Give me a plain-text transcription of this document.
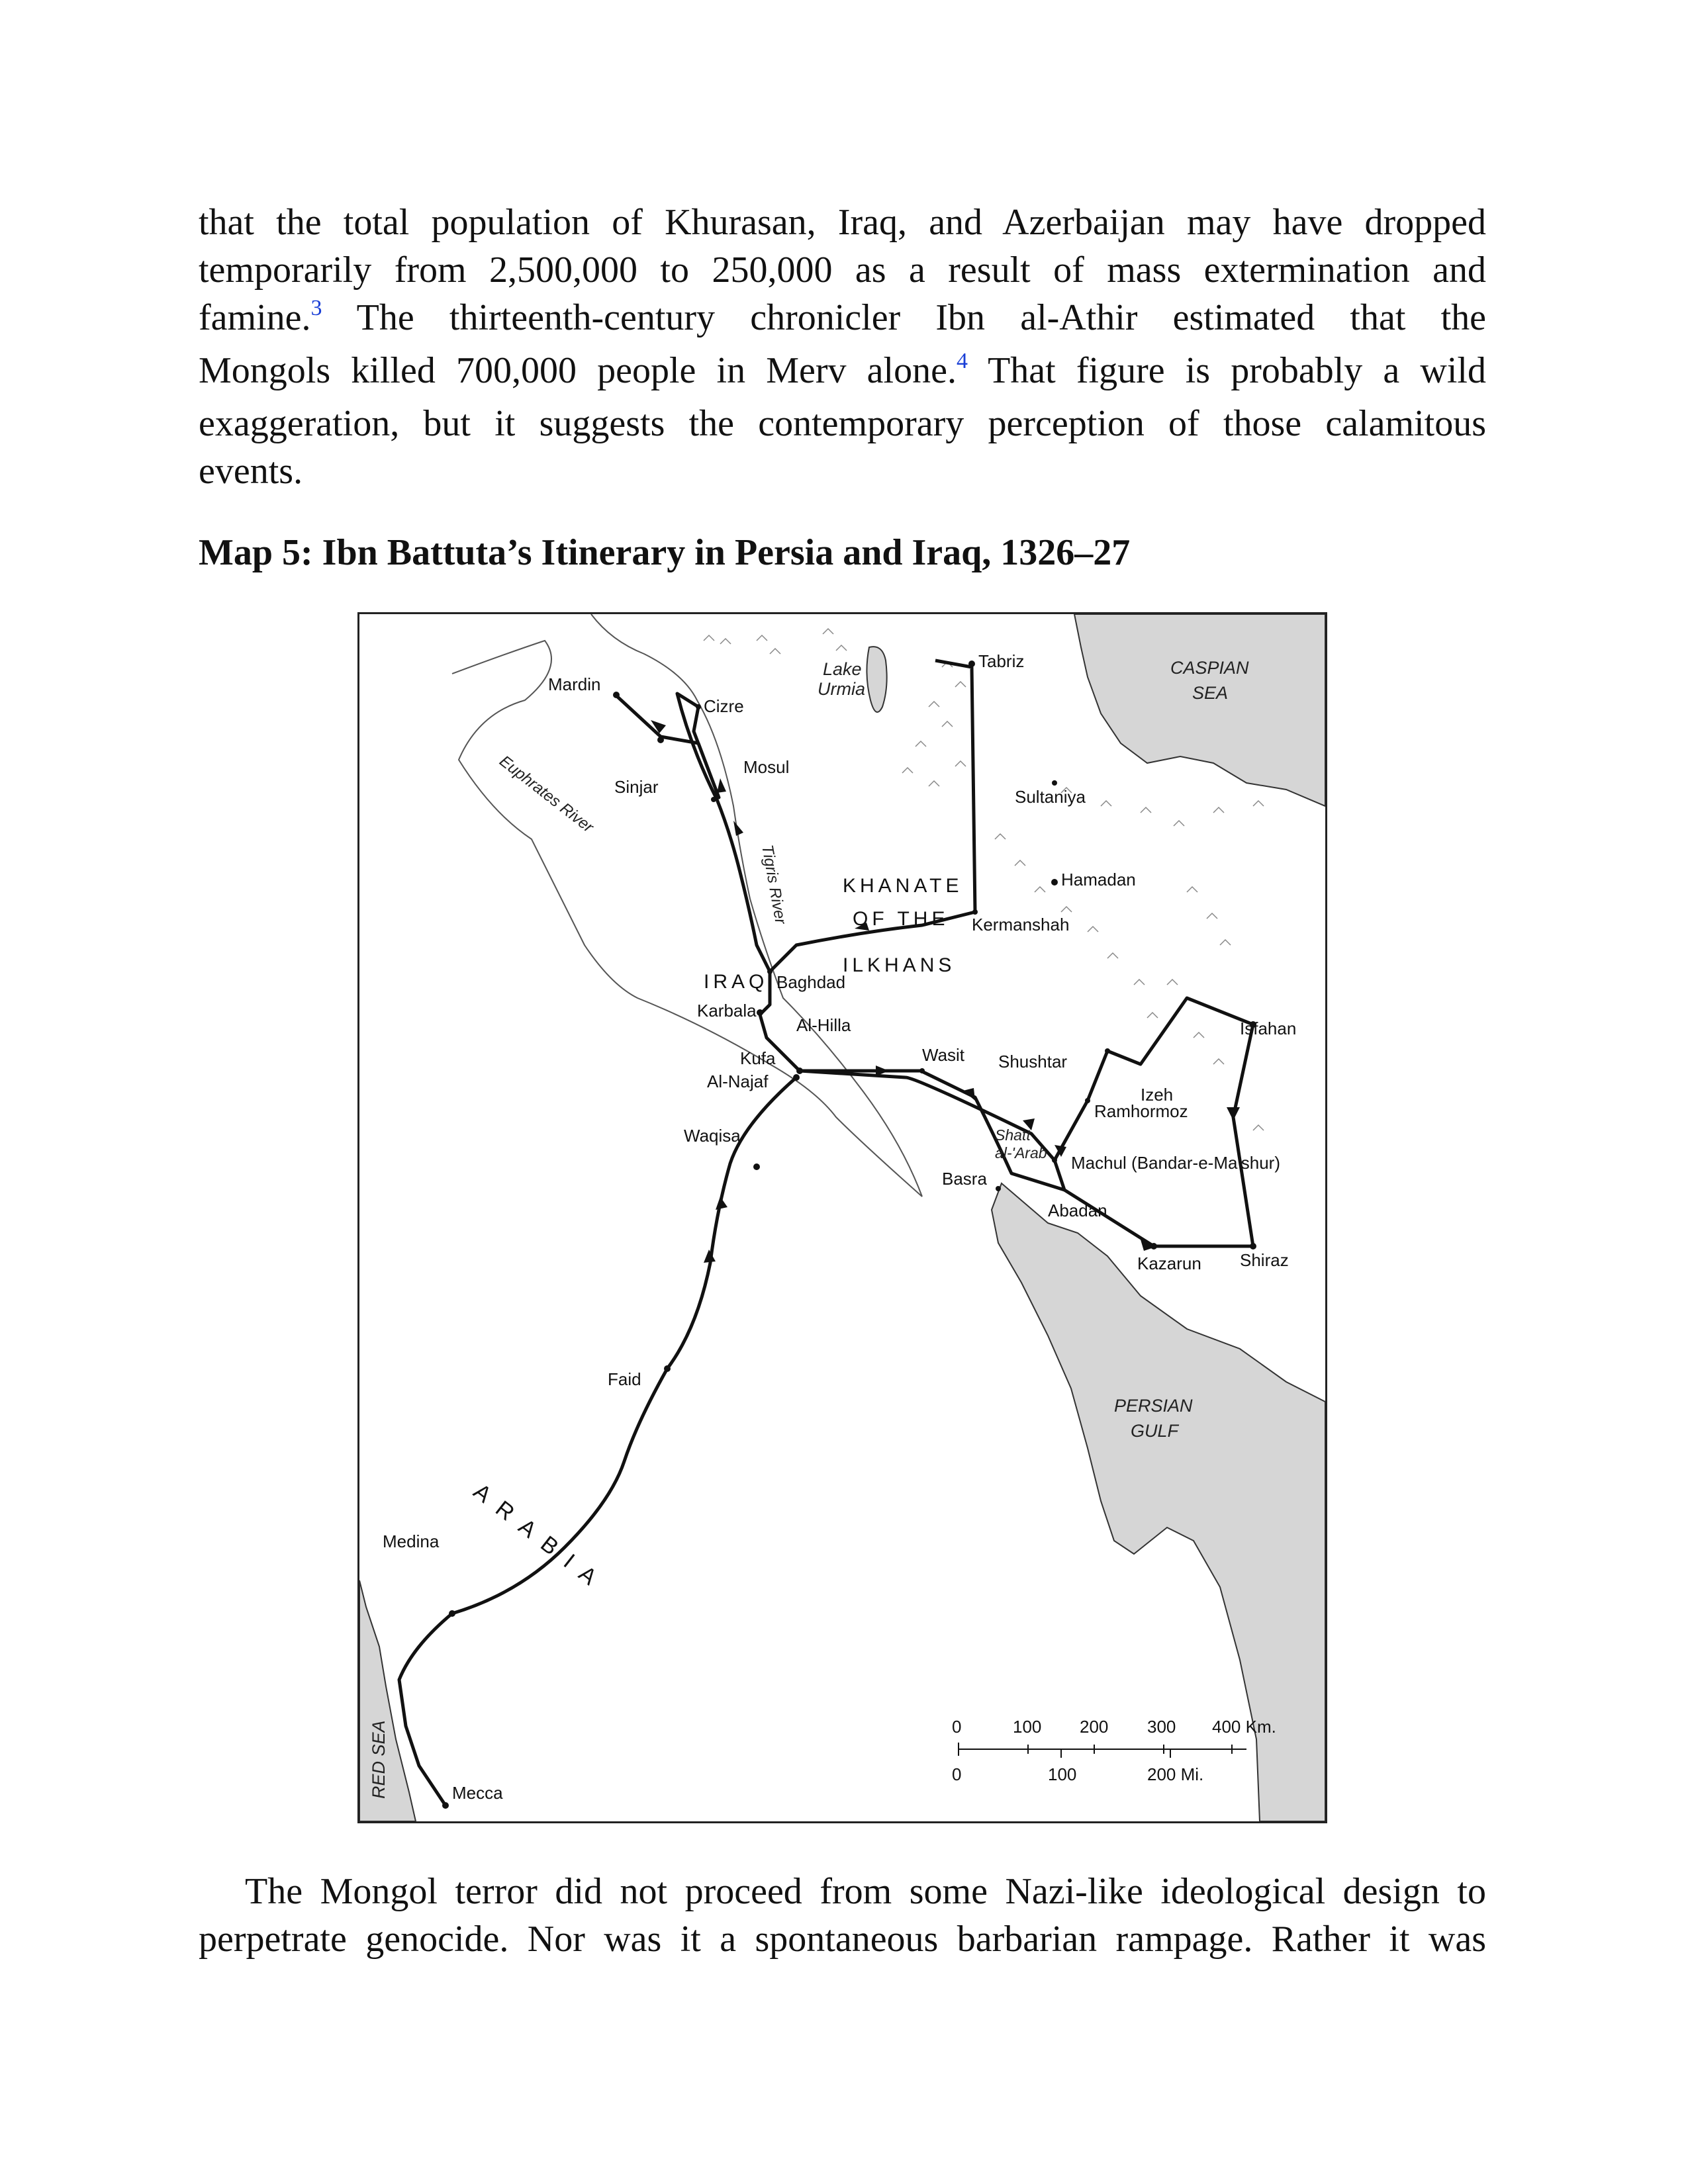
that the total population of Khurasan, Iraq, and Azerbaijan may have dropped
temporarily from 2,500,000 to 250,000 as a result of mass extermination and
famine.$^3$ The thirteenth-century chronicler Ibn al-Athir estimated that the
Mongols killed 700,000 people in Merv alone.$^4$ That figure is probably a wild
exaggeration, but it suggests the contemporary perception of those calamitous
events.
Map 5: Ibn Battuta’s Itinerary in Persia and Iraq, 1326–27
Tabriz
Mardin
Cizre
Sinjar
Mosul
Sultaniya
Hamadan
Kermanshah
Baghdad
Karbala
Al-Hilla
Kufa
Al-Najaf
Wasit Shushtar
Isfahan
Izeh
Ramhormoz
Waqisa
Machul (Bandar-e-Ma’shur)
Basra
Abadan
Kazarun Shiraz
Faid
Medina
Mecca
Lake
Urmia
CASPIAN
SEA
PERSIAN
GULF
Shatt
al-'Arab
RED SEA
Euphrates River
Tigris River	KHANATE
OF THE
ILKHANS
IRAQ
A R A B I A
0	100 200 300 400 Km.
0	100	200 Mi.
The Mongol terror did not proceed from some Nazi-like ideological design to
perpetrate genocide. Nor was it a spontaneous barbarian rampage. Rather it was
